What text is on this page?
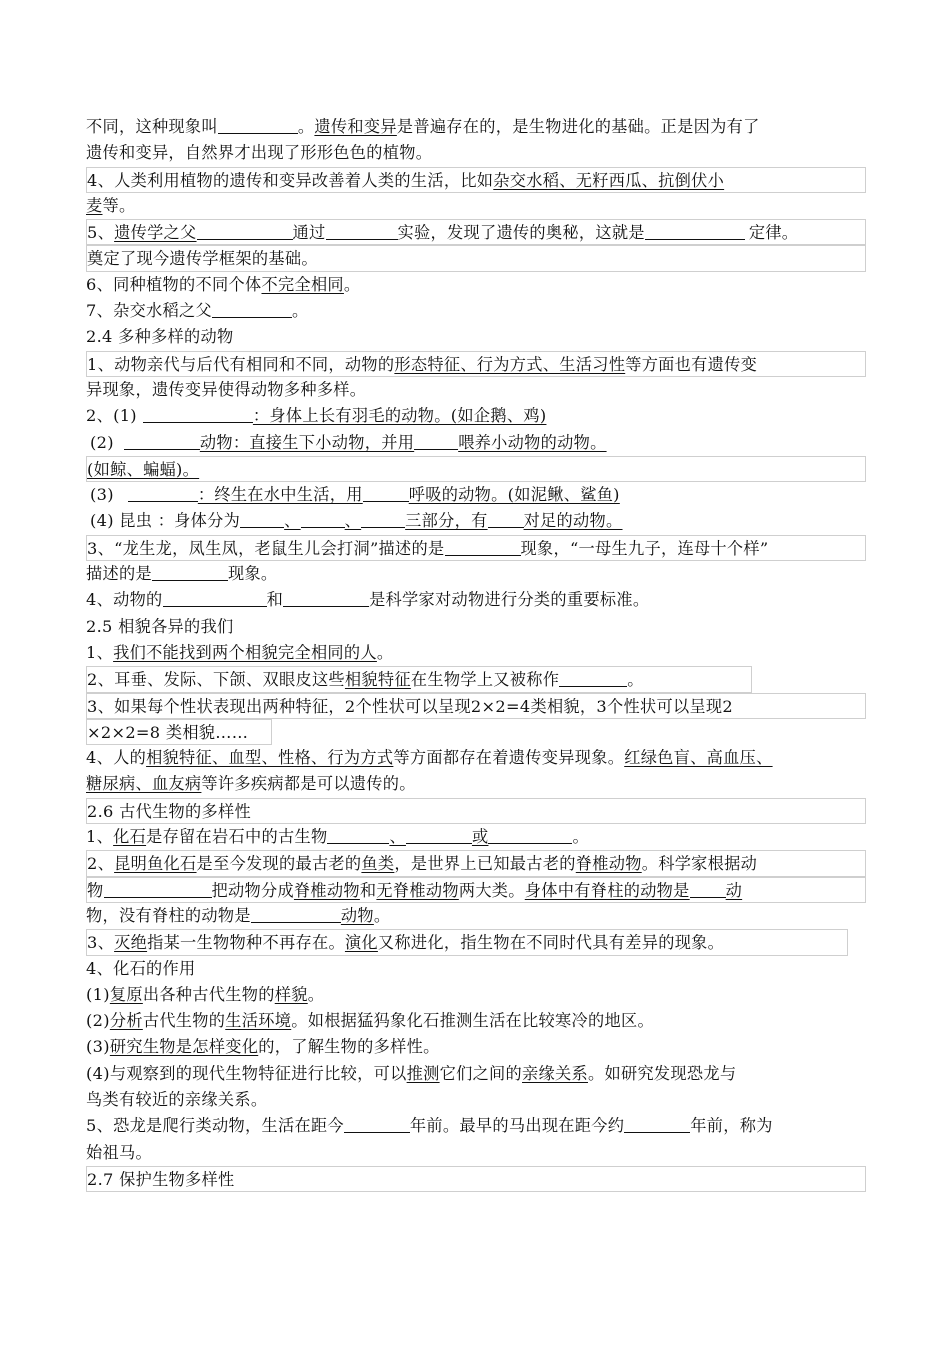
不同，这种现象叫	。遗传和变异是普遍存在的，是生物进化的基础。正是因为有了
遗传和变异，自然界才出现了形形色色的植物。
4、人类利用植物的遗传和变异改善着人类的生活，比如杂交水稻、无籽西瓜、抗倒伏小
麦等。
5、遗传学之父	通过	实验，发现了遗传的奥秘，这就是	定律。
奠定了现今遗传学框架的基础。
6、同种植物的不同个体不完全相同。
7、杂交水稻之父	。
2.4 多种多样的动物
1、动物亲代与后代有相同和不同，动物的形态特征、行为方式、生活习性等方面也有遗传变
异现象，遗传变异使得动物多种多样。
2、(1)	：身体上长有羽毛的动物。(如企鹅、鸡)
(2)	动物：直接生下小动物，并用	喂养小动物的动物。
(如鲸、蝙蝠)。
(3)	：终生在水中生活，用	呼吸的动物。(如泥鳅、鲨鱼)
(4) 昆虫 ：身体分为	、	、	三部分，有 对足的动物。
3、“龙生龙，凤生凤，老鼠生儿会打洞”描述的是	现象，“一母生九子，连母十个样”
描述的是	现象。
4、动物的	和	是科学家对动物进行分类的重要标准。
2.5 相貌各异的我们
1、我们不能找到两个相貌完全相同的人。
2、耳垂、发际、下颌、双眼皮这些相貌特征在生物学上又被称作	。
3、如果每个性状表现出两种特征，2个性状可以呈现2×2=4类相貌，3个性状可以呈现2
×2×2=8 类相貌……
4、人的相貌特征、血型、性格、行为方式等方面都存在着遗传变异现象。红绿色盲、高血压、
糖尿病、血友病等许多疾病都是可以遗传的。
2.6 古代生物的多样性
1、化石是存留在岩石中的古生物	、	或	。
2、昆明鱼化石是至今发现的最古老的鱼类，是世界上已知最古老的脊椎动物。科学家根据动
物	把动物分成脊椎动物和无脊椎动物两大类。身体中有脊柱的动物是 动
物，没有脊柱的动物是	动物。
3、灭绝指某一生物物种不再存在。演化又称进化，指生物在不同时代具有差异的现象。
4、化石的作用
(1)复原出各种古代生物的样貌。
(2)分析古代生物的生活环境。如根据猛犸象化石推测生活在比较寒冷的地区。
(3)研究生物是怎样变化的，了解生物的多样性。
(4)与观察到的现代生物特征进行比较，可以推测它们之间的亲缘关系。如研究发现恐龙与
鸟类有较近的亲缘关系。
5、恐龙是爬行类动物，生活在距今	年前。最早的马出现在距今约	年前，称为
始祖马。
2.7 保护生物多样性
